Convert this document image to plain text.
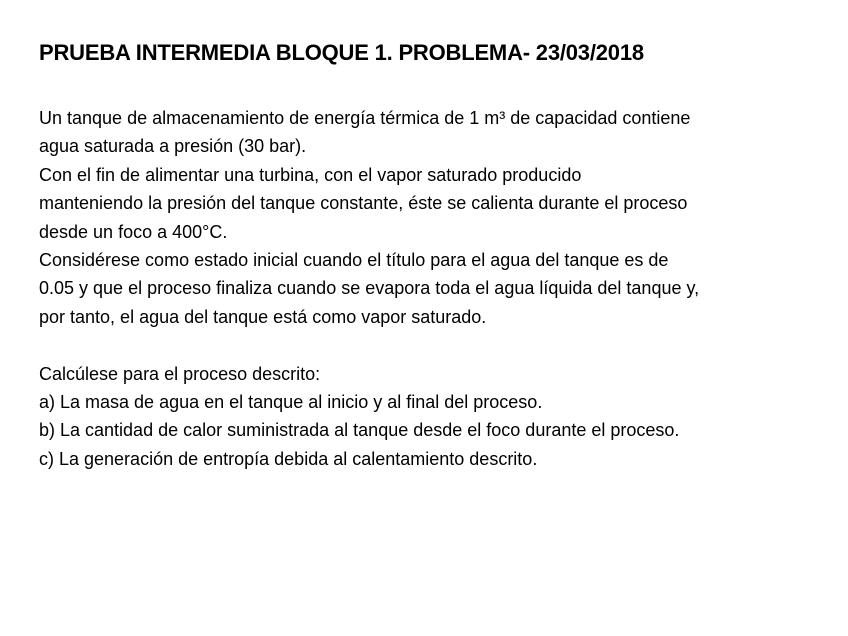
PRUEBA INTERMEDIA BLOQUE 1. PROBLEMA- 23/03/2018
Un tanque de almacenamiento de energía térmica de 1 m³ de capacidad contiene
agua saturada a presión (30 bar).
Con el fin de alimentar una turbina, con el vapor saturado producido
manteniendo la presión del tanque constante, éste se calienta durante el proceso
desde un foco a 400°C.
Considérese como estado inicial cuando el título para el agua del tanque es de
0.05 y que el proceso finaliza cuando se evapora toda el agua líquida del tanque y,
por tanto, el agua del tanque está como vapor saturado.
Calcúlese para el proceso descrito:
a) La masa de agua en el tanque al inicio y al final del proceso.
b) La cantidad de calor suministrada al tanque desde el foco durante el proceso.
c) La generación de entropía debida al calentamiento descrito.
